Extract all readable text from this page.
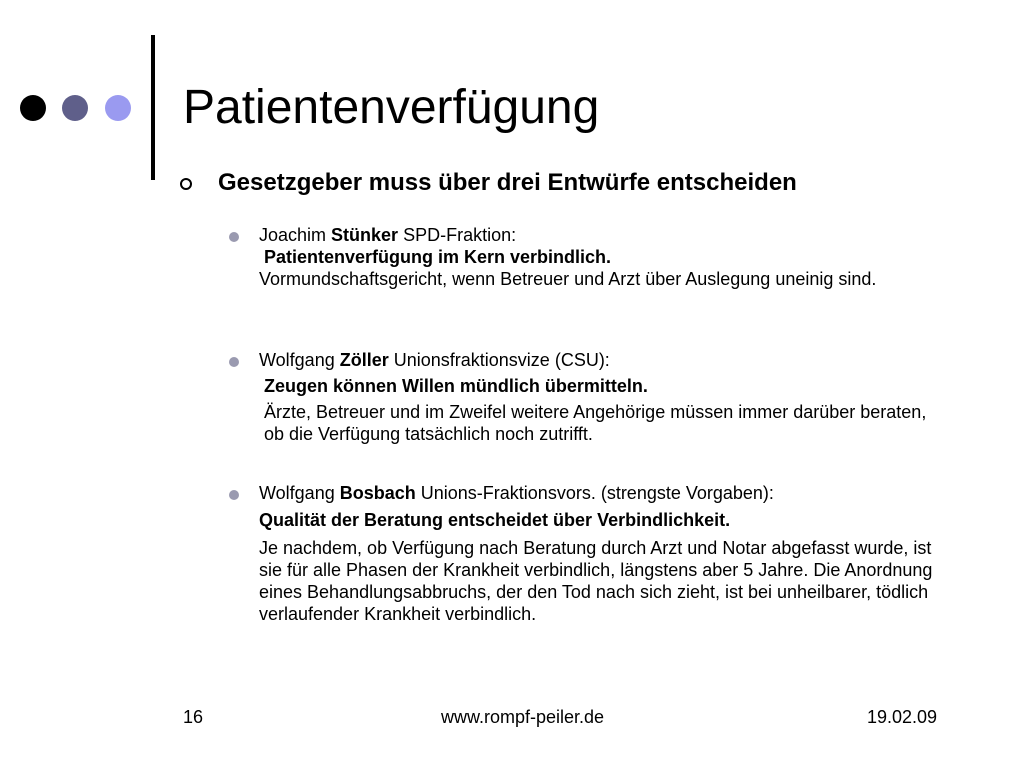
Patientenverfügung
Gesetzgeber muss über drei Entwürfe entscheiden
Joachim Stünker SPD-Fraktion:

Patientenverfügung im Kern verbindlich.

Vormundschaftsgericht, wenn Betreuer und Arzt über Auslegung uneinig sind.

Wolfgang Zöller Unionsfraktionsvize (CSU):

Zeugen können Willen mündlich übermitteln.

Ärzte, Betreuer und im Zweifel weitere Angehörige müssen immer darüber beraten, ob die Verfügung tatsächlich noch zutrifft.

Wolfgang Bosbach Unions-Fraktionsvors. (strengste Vorgaben):

Qualität der Beratung entscheidet über Verbindlichkeit.

Je nachdem, ob Verfügung nach Beratung durch Arzt und Notar abgefasst wurde, ist sie für alle Phasen der Krankheit verbindlich, längstens aber 5 Jahre. Die Anordnung eines Behandlungsabbruchs, der den Tod nach sich zieht, ist bei unheilbarer, tödlich verlaufender Krankheit verbindlich.

16	www.rompf-peiler.de	19.02.09
